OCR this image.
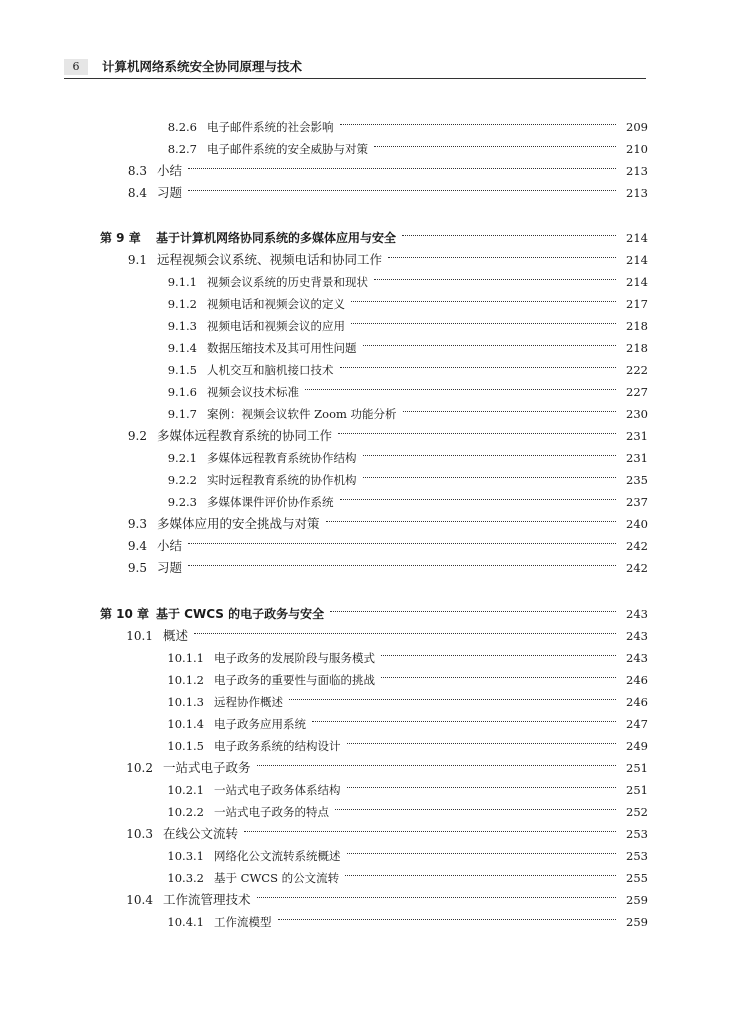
6	计算机网络系统安全协同原理与技术
8.2.6 电子邮件系统的社会影响	209
8.2.7 电子邮件系统的安全威胁与对策	210
8.3 小结	213
8.4 习题	213
第 9 章	基于计算机网络协同系统的多媒体应用与安全	214
9.1 远程视频会议系统、视频电话和协同工作	214
9.1.1 视频会议系统的历史背景和现状	214
9.1.2 视频电话和视频会议的定义	217
9.1.3 视频电话和视频会议的应用	218
9.1.4 数据压缩技术及其可用性问题	218
9.1.5 人机交互和脑机接口技术	222
9.1.6 视频会议技术标准	227
9.1.7 案例：视频会议软件 Zoom 功能分析	230
9.2 多媒体远程教育系统的协同工作	231
9.2.1 多媒体远程教育系统协作结构	231
9.2.2 实时远程教育系统的协作机构	235
9.2.3 多媒体课件评价协作系统	237
9.3 多媒体应用的安全挑战与对策	240
9.4 小结	242
9.5 习题	242
第 10 章 基于 CWCS 的电子政务与安全	243
10.1 概述	243
10.1.1 电子政务的发展阶段与服务模式	243
10.1.2 电子政务的重要性与面临的挑战	246
10.1.3 远程协作概述	246
10.1.4 电子政务应用系统	247
10.1.5 电子政务系统的结构设计	249
10.2 一站式电子政务	251
10.2.1 一站式电子政务体系结构	251
10.2.2 一站式电子政务的特点	252
10.3 在线公文流转	253
10.3.1 网络化公文流转系统概述	253
10.3.2 基于 CWCS 的公文流转	255
10.4 工作流管理技术	259
10.4.1 工作流模型	259
